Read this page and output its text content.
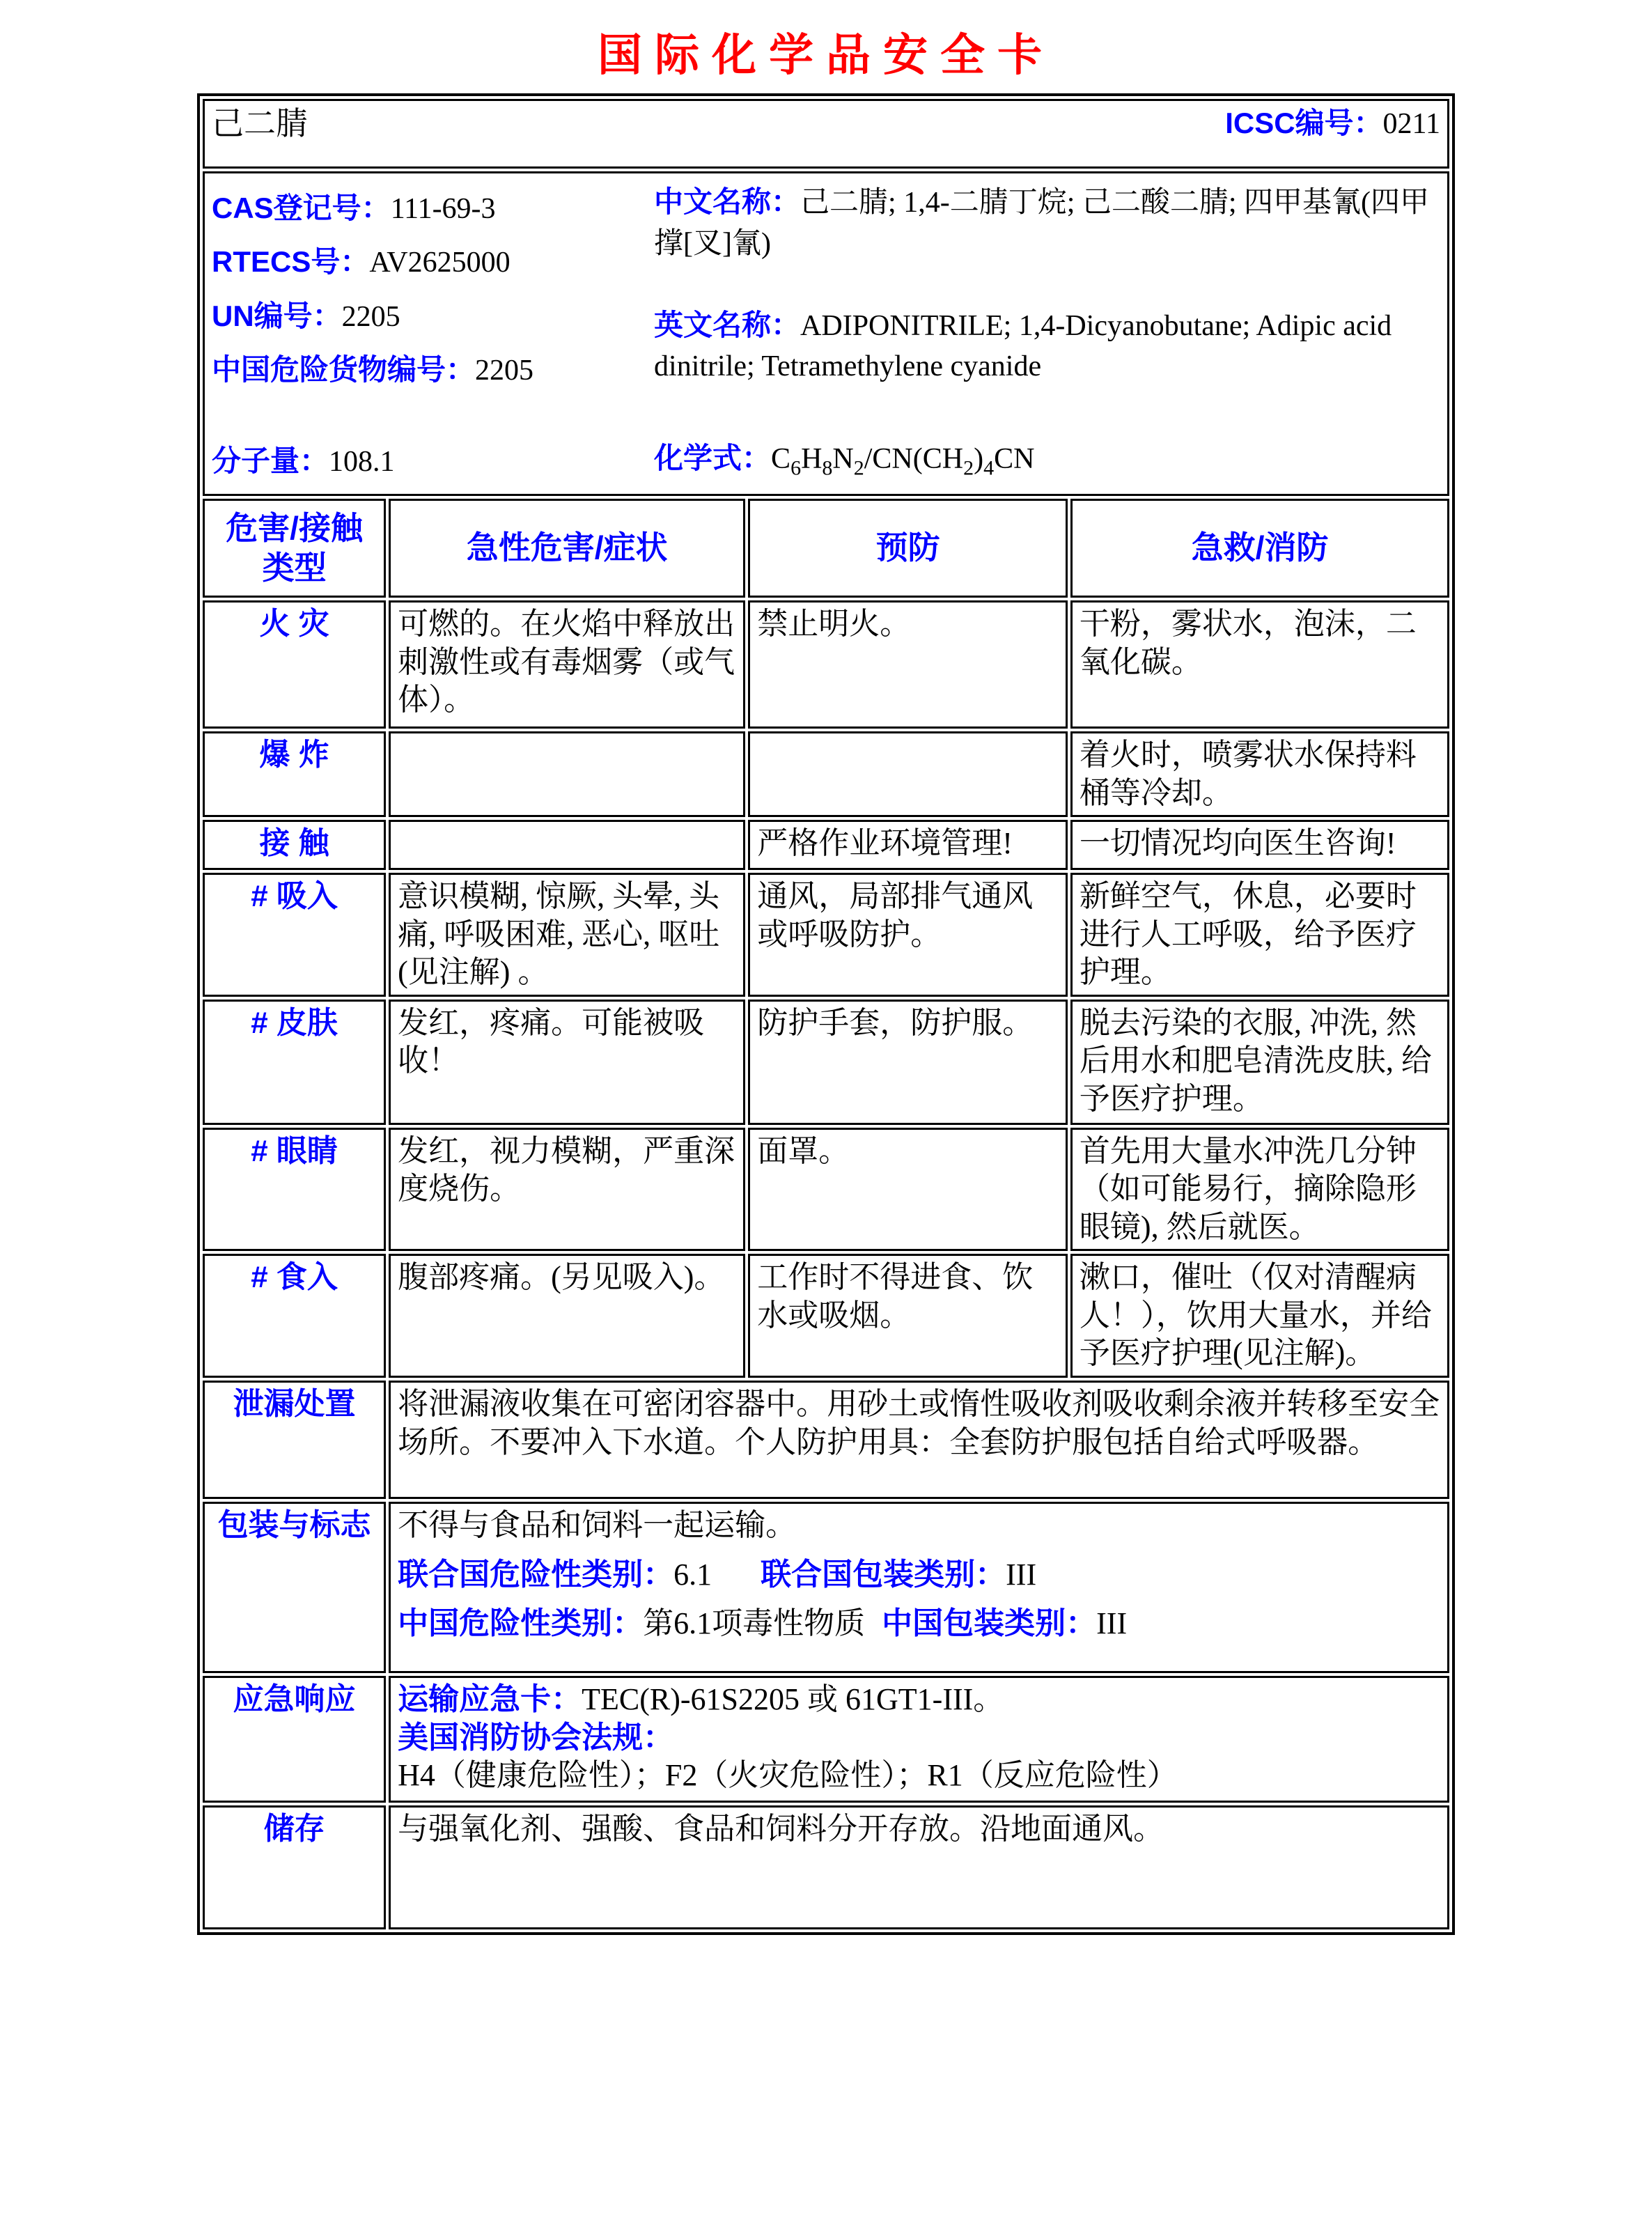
国际化学品安全卡
己二腈 ICSC编号：0211			

CAS登记号：111-69-3
RTECS号：AV2625000
UN编号：2205
中国危险货物编号：2205
分子量：108.1
中文名称：己二腈; 1,4-二腈丁烷; 己二酸二腈; 四甲基氰(四甲撑[叉]氰)
英文名称：ADIPONITRILE; 1,4-Dicyanobutane; Adipic acid dinitrile; Tetramethylene cyanide
化学式：$C_6H_8N_2/CN(CH_2)_4CN$

危害/接触 类型	急性危害/症状	预防	急救/消防
火 灾	可燃的。在火焰中释放出刺激性或有毒烟雾（或气体）。	禁止明火。	干粉，雾状水，泡沫，二氧化碳。
爆 炸			着火时，喷雾状水保持料桶等冷却。
接 触		严格作业环境管理!	一切情况均向医生咨询!
# 吸入	意识模糊, 惊厥, 头晕, 头痛, 呼吸困难, 恶心, 呕吐(见注解) 。	通风，局部排气通风或呼吸防护。	新鲜空气，休息，必要时进行人工呼吸，给予医疗护理。
# 皮肤	发红，疼痛。可能被吸收！	防护手套，防护服。	脱去污染的衣服, 冲洗, 然后用水和肥皂清洗皮肤, 给予医疗护理。
# 眼睛	发红，视力模糊，严重深度烧伤。	面罩。	首先用大量水冲洗几分钟（如可能易行，摘除隐形眼镜), 然后就医。
# 食入	腹部疼痛。(另见吸入)。	工作时不得进食、饮水或吸烟。	漱口，催吐（仅对清醒病人！），饮用大量水，并给予医疗护理(见注解)。
泄漏处置	将泄漏液收集在可密闭容器中。用砂土或惰性吸收剂吸收剩余液并转移至安全场所。不要冲入下水道。个人防护用具：全套防护服包括自给式呼吸器。		
包装与标志	不得与食品和饲料一起运输。
联合国危险性类别：6.1 联合国包装类别：III
中国危险性类别：第6.1项毒性物质 中国包装类别：III		

应急响应	运输应急卡：TEC(R)-61S2205 或 61GT1-III。
美国消防协会法规：H4（健康危险性）；F2（火灾危险性）；R1（反应危险性）		

储存	与强氧化剂、强酸、食品和饲料分开存放。沿地面通风。		
